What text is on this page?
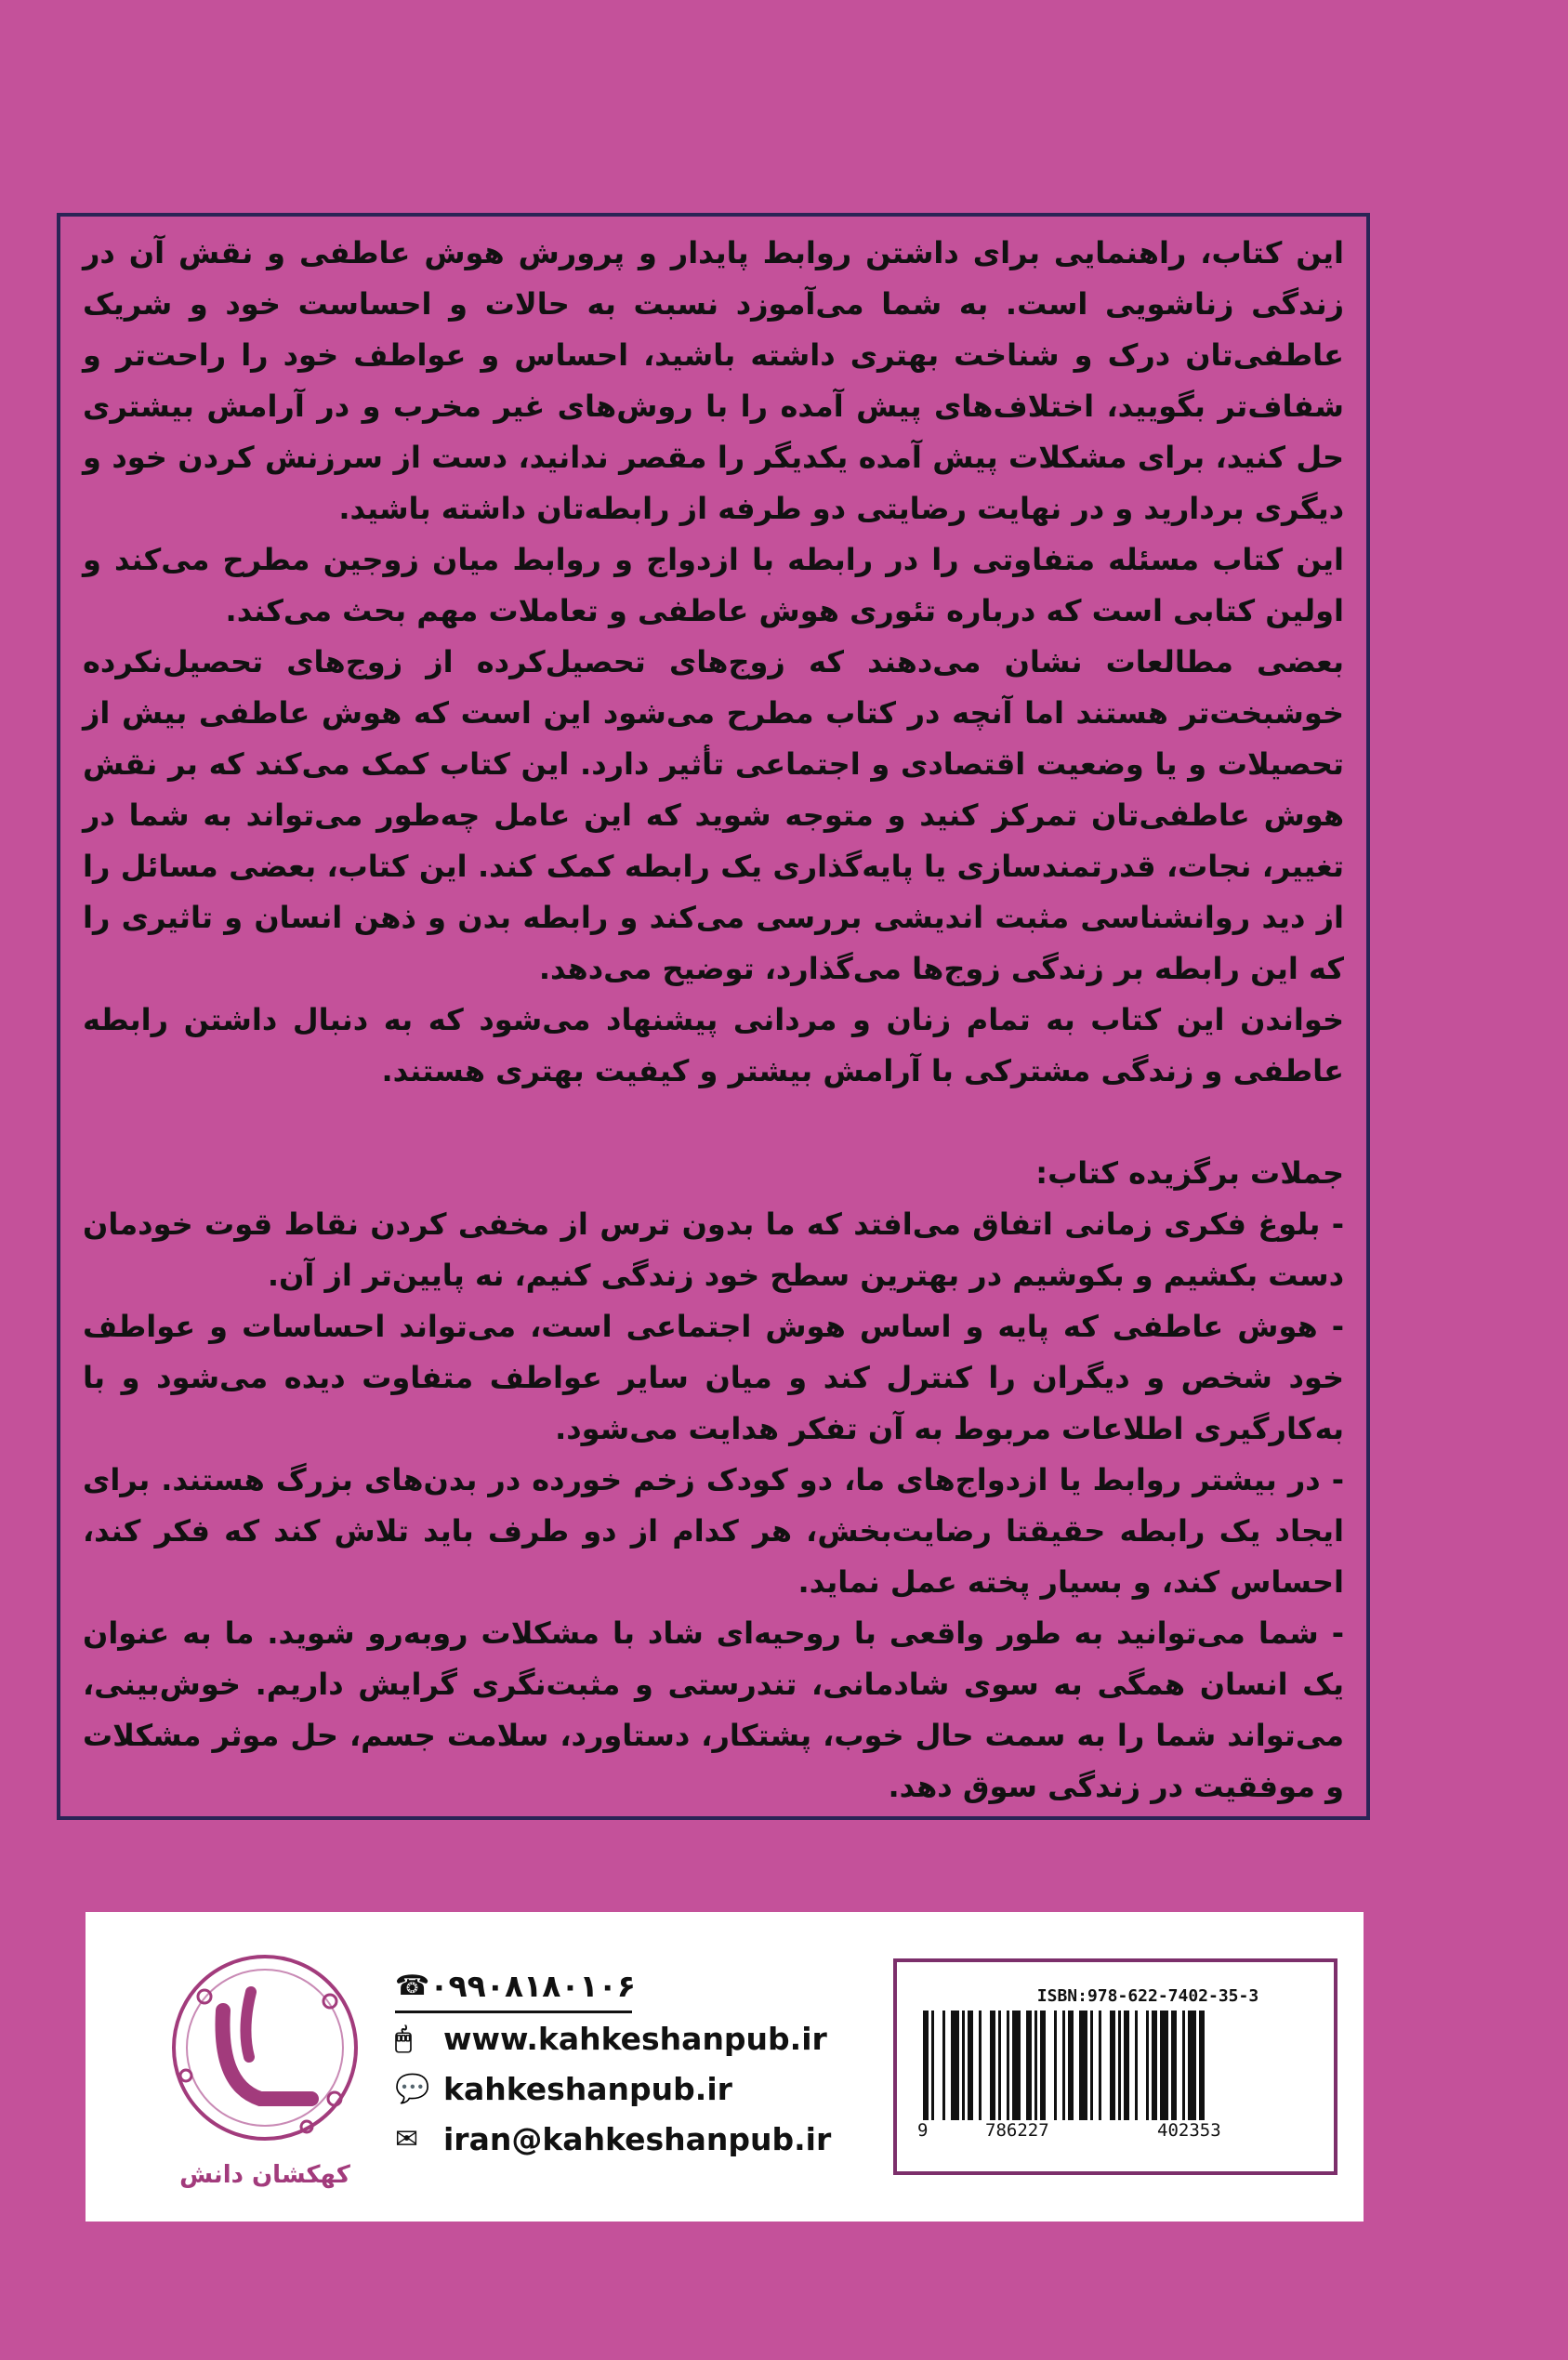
این کتاب، راهنمایی برای داشتن روابط پایدار و پرورش هوش عاطفی و نقش آن در زندگی زناشویی است. به شما می‌آموزد نسبت به حالات و احساست خود و شریک عاطفی‌تان درک و شناخت بهتری داشته باشید، احساس و عواطف خود را راحت‌تر و شفاف‌تر بگویید، اختلاف‌های پیش آمده را با روش‌های غیر مخرب و در آرامش بیشتری حل کنید، برای مشکلات پیش آمده یکدیگر را مقصر ندانید، دست از سرزنش کردن خود و دیگری بردارید و در نهایت رضایتی دو طرفه از رابطه‌تان داشته باشید.

این کتاب مسئله متفاوتی را در رابطه با ازدواج و روابط میان زوجین مطرح می‌کند و اولین کتابی است که درباره تئوری هوش عاطفی و تعاملات مهم بحث می‌کند.

بعضی مطالعات نشان می‌دهند که زوج‌های تحصیل‌کرده از زوج‌های تحصیل‌نکرده خوشبخت‌تر هستند اما آنچه در کتاب مطرح می‌شود این است که هوش عاطفی بیش از تحصیلات و یا وضعیت اقتصادی و اجتماعی تأثیر دارد. این کتاب کمک می‌کند که بر نقش هوش عاطفی‌تان تمرکز کنید و متوجه شوید که این عامل چه‌طور می‌تواند به شما در تغییر، نجات، قدرتمندسازی یا پایه‌گذاری یک رابطه کمک کند. این کتاب، بعضی مسائل را از دید روانشناسی مثبت اندیشی بررسی می‌کند و رابطه بدن و ذهن انسان و تاثیری را که این رابطه بر زندگی زوج‌ها می‌گذارد، توضیح می‌دهد.

خواندن این کتاب به تمام زنان و مردانی پیشنهاد می‌شود که به دنبال داشتن رابطه عاطفی و زندگی مشترکی با آرامش بیشتر و کیفیت بهتری هستند.

جملات برگزیده کتاب:

- بلوغ فکری زمانی اتفاق می‌افتد که ما بدون ترس از مخفی کردن نقاط قوت خودمان دست بکشیم و بکوشیم در بهترین سطح خود زندگی کنیم، نه پایین‌تر از آن.

- هوش عاطفی که پایه و اساس هوش اجتماعی است، می‌تواند احساسات و عواطف خود شخص و دیگران را کنترل کند و میان سایر عواطف متفاوت دیده می‌شود و با به‌کارگیری اطلاعات مربوط به آن تفکر هدایت می‌شود.

- در بیشتر روابط یا ازدواج‌های ما، دو کودک زخم خورده در بدن‌های بزرگ هستند. برای ایجاد یک رابطه حقیقتا رضایت‌بخش، هر کدام از دو طرف باید تلاش کند که فکر کند، احساس کند، و بسیار پخته عمل نماید.

- شما می‌توانید به طور واقعی با روحیه‌ای شاد با مشکلات روبه‌رو شوید. ما به عنوان یک انسان همگی به سوی شادمانی، تندرستی و مثبت‌نگری گرایش داریم. خوش‌بینی، می‌تواند شما را به سمت حال خوب، پشتکار، دستاورد، سلامت جسم، حل موثر مشکلات و موفقیت در زندگی سوق دهد.

کهکشان دانش
☎ ۰۹۹۰۸۱۸۰۱۰۶
🖱	www.kahkeshanpub.ir
💬 kahkeshanpub.ir
✉ iran@kahkeshanpub.ir
ISBN:978-622-7402-35-3
9	786227	402353
